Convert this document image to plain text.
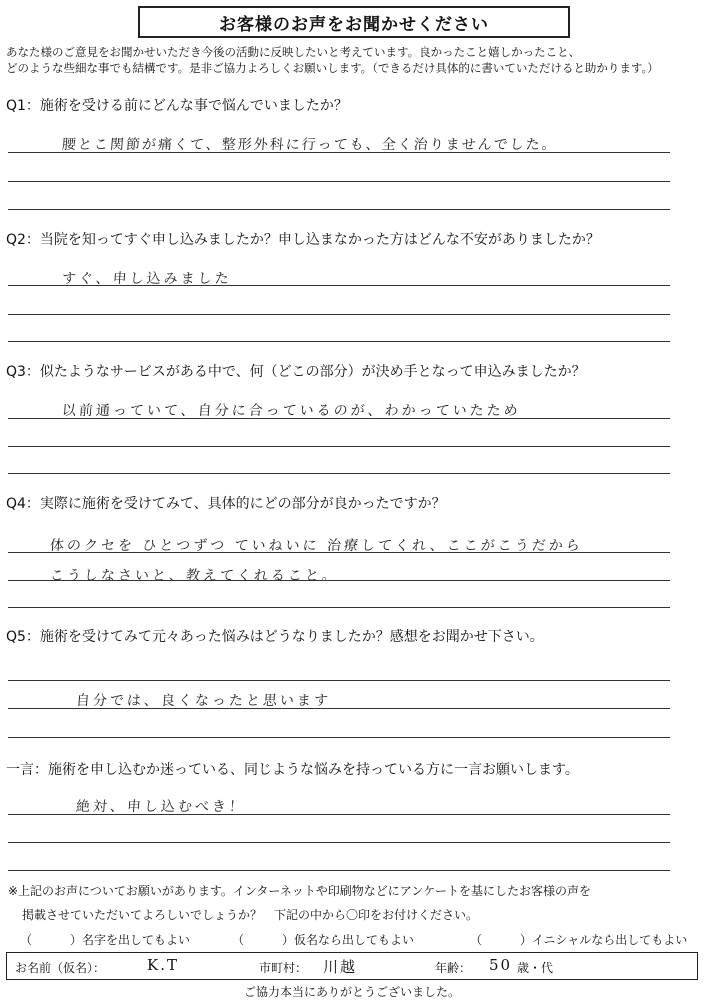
お客様のお声をお聞かせください
あなた様のご意見をお聞かせいただき今後の活動に反映したいと考えています。良かったこと嬉しかったこと、
どのような些細な事でも結構です。是非ご協力よろしくお願いします。（できるだけ具体的に書いていただけると助かります。）
Q1：施術を受ける前にどんな事で悩んでいましたか？
腰とこ関節が痛くて、整形外科に行っても、全く治りませんでした。
Q2：当院を知ってすぐ申し込みましたか？申し込まなかった方はどんな不安がありましたか？
すぐ、申し込みました
Q3：似たようなサービスがある中で、何（どこの部分）が決め手となって申込みましたか？
以前通っていて、自分に合っているのが、わかっていたため
Q4：実際に施術を受けてみて、具体的にどの部分が良かったですか？
体のクセを ひとつずつ ていねいに 治療してくれ、ここがこうだから
こうしなさいと、教えてくれること。
Q5：施術を受けてみて元々あった悩みはどうなりましたか？感想をお聞かせ下さい。
自分では、良くなったと思います
一言：施術を申し込むか迷っている、同じような悩みを持っている方に一言お願いします。
絶対、申し込むべき！
※上記のお声についてお願いがあります。インターネットや印刷物などにアンケートを基にしたお客様の声を
掲載させていただいてよろしいでしょうか？　下記の中から〇印をお付けください。
（	）名字を出してもよい	（	）仮名なら出してもよい	（	）イニシャルなら出してもよい
お名前（仮名）：	K.T	市町村： 川越	年齢： 50 歳・代
ご協力本当にありがとうございました。
